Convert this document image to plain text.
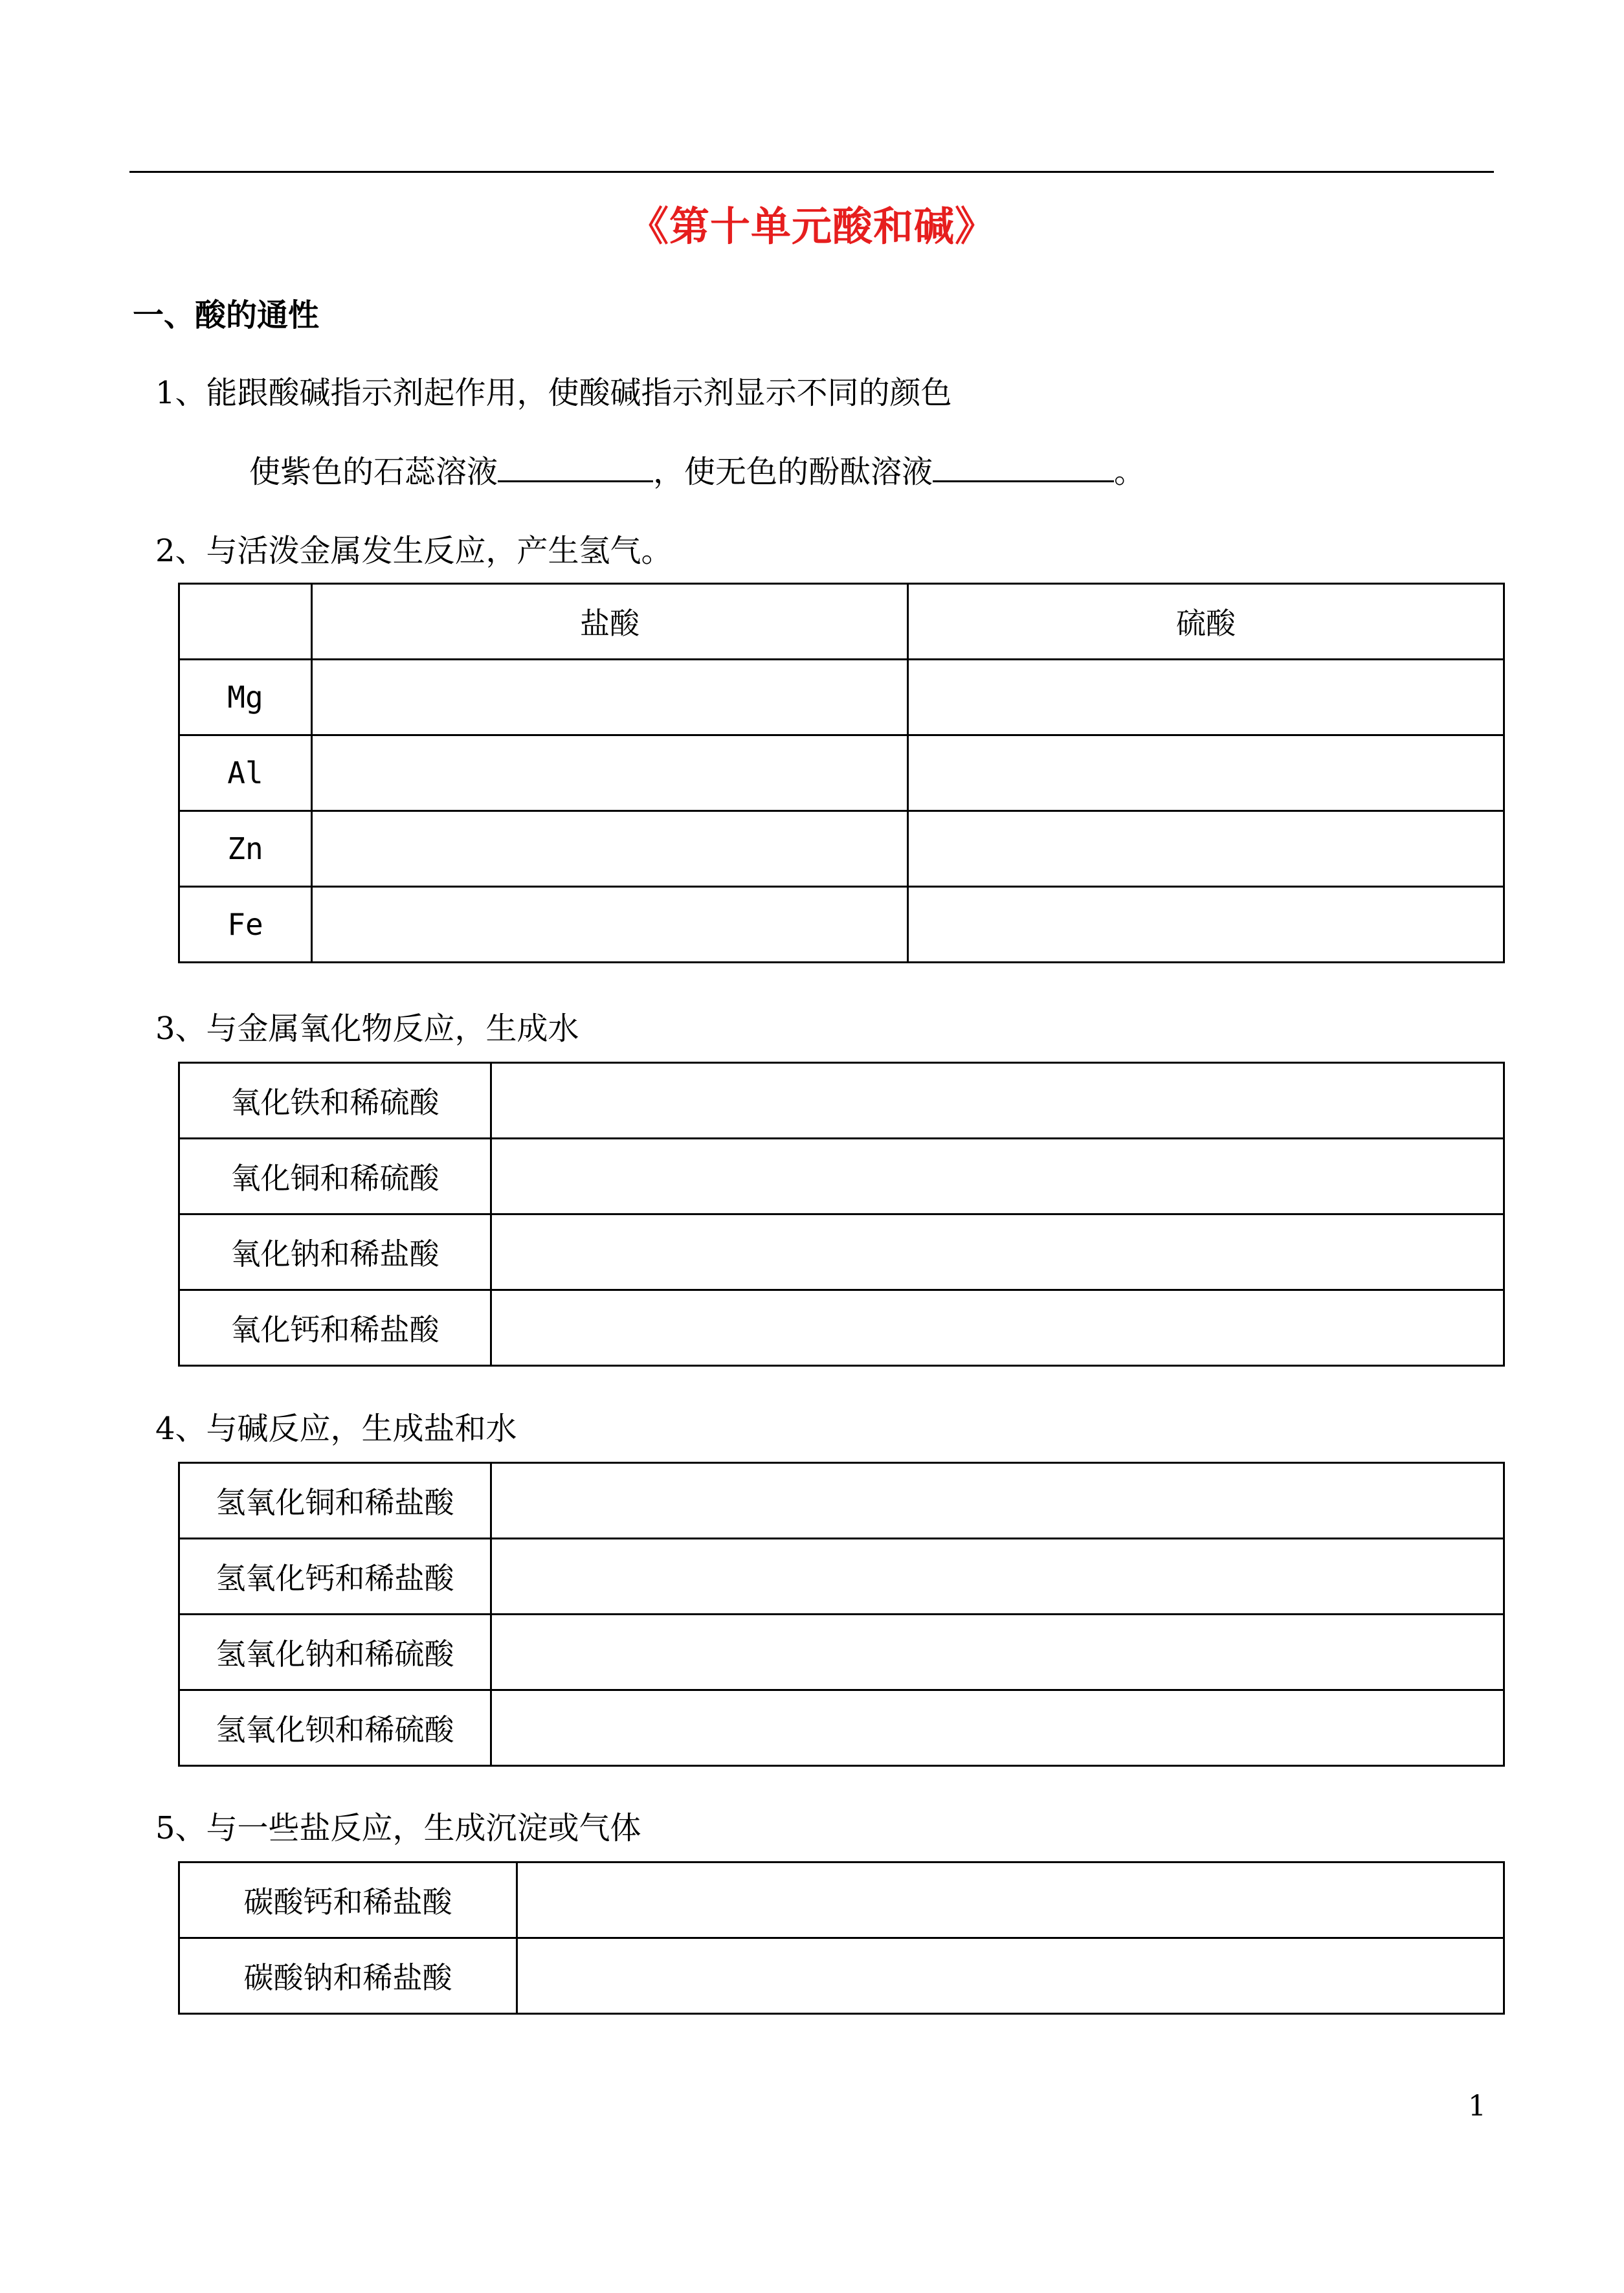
《第十单元酸和碱》
一、酸的通性
1、能跟酸碱指示剂起作用，使酸碱指示剂显示不同的颜色
使紫色的石蕊溶液	，使无色的酚酞溶液	。
2、与活泼金属发生反应，产生氢气。
	盐酸	硫酸
Mg		
Al		
Zn		
Fe		
3、与金属氧化物反应，生成水
氧化铁和稀硫酸	
氧化铜和稀硫酸	
氧化钠和稀盐酸	
氧化钙和稀盐酸	
4、与碱反应，生成盐和水
氢氧化铜和稀盐酸	
氢氧化钙和稀盐酸	
氢氧化钠和稀硫酸	
氢氧化钡和稀硫酸	
5、与一些盐反应，生成沉淀或气体
碳酸钙和稀盐酸	
碳酸钠和稀盐酸	
1
